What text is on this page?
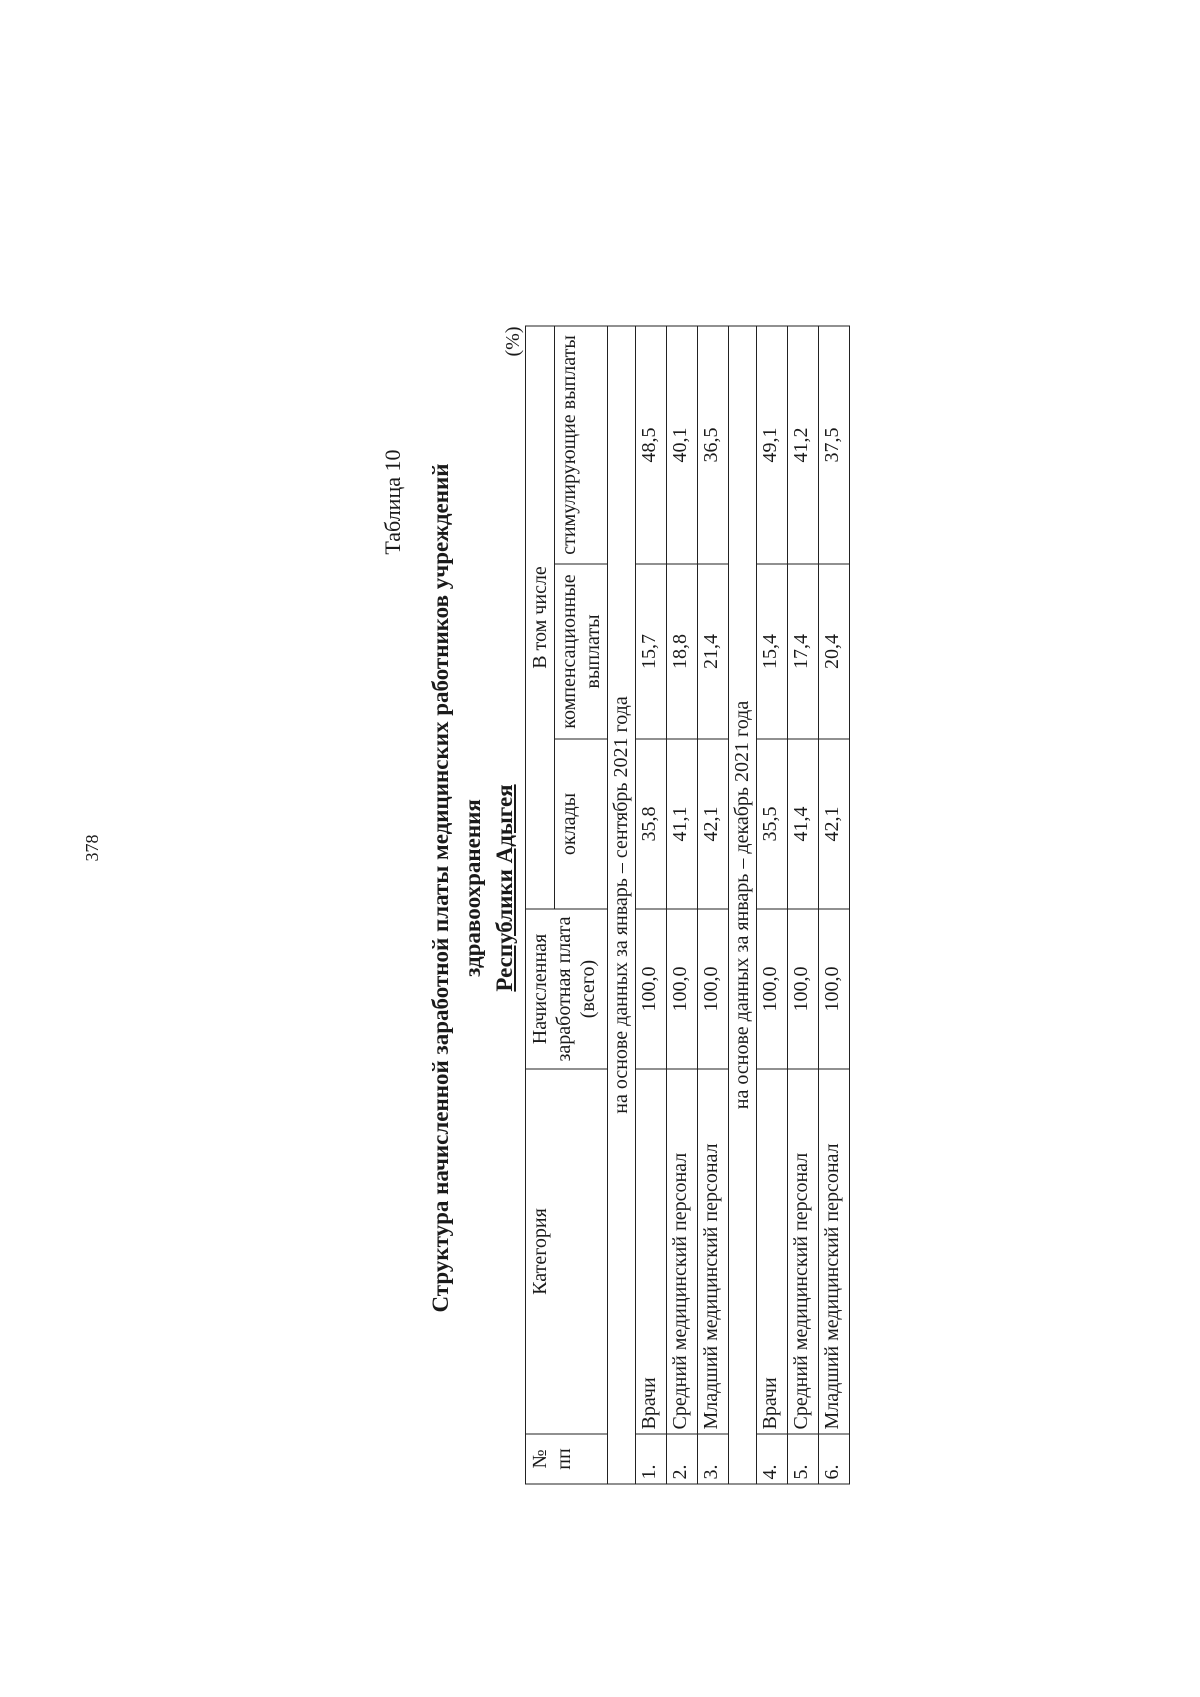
378
Таблица 10 Структура начисленной заработной платы медицинских работников учреждений здравоохранения Республики Адыгея
(%)
№ пп	Категория	Начисленная заработная плата (всего)	В том числе		
			оклады	компенсационные выплаты	стимулирующие выплаты
на основе данных за январь – сентябрь 2021 года					
1.	Врачи	100,0	35,8	15,7	48,5
2.	Средний медицинский персонал	100,0	41,1	18,8	40,1
3.	Младший медицинский персонал	100,0	42,1	21,4	36,5
на основе данных за январь – декабрь 2021 года					
4.	Врачи	100,0	35,5	15,4	49,1
5.	Средний медицинский персонал	100,0	41,4	17,4	41,2
6.	Младший медицинский персонал	100,0	42,1	20,4	37,5
